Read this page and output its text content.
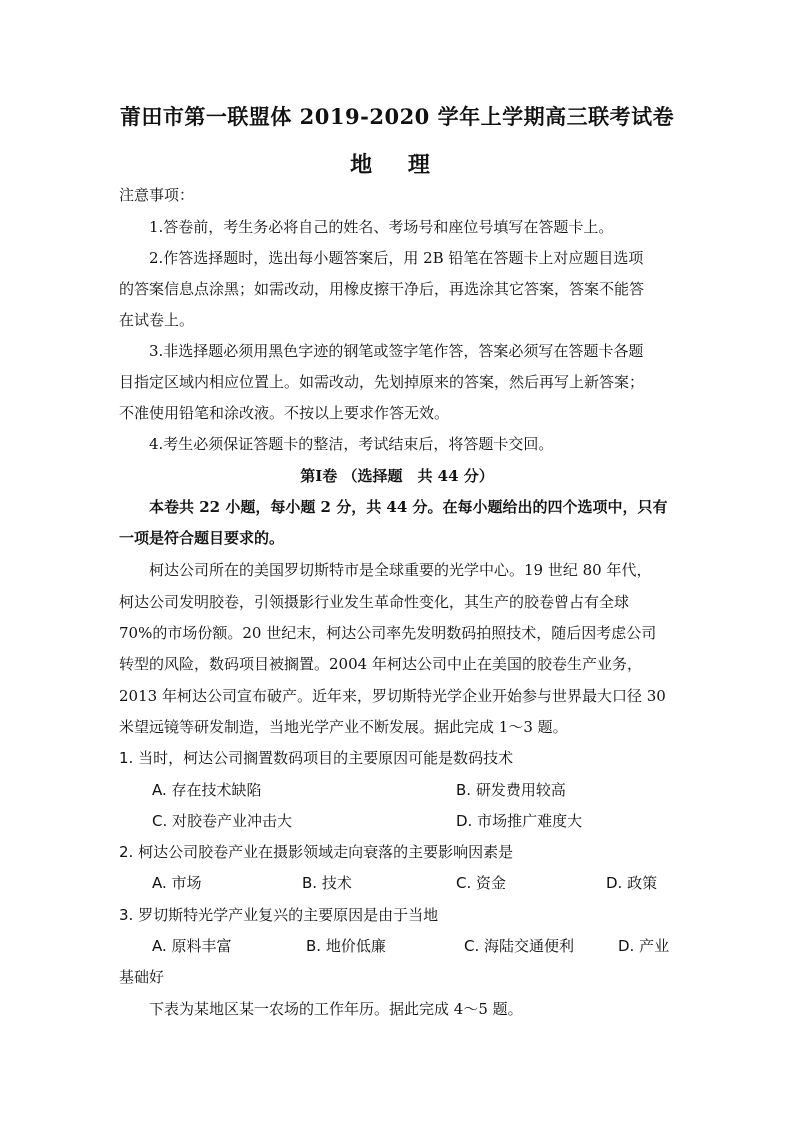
莆田市第一联盟体 2019-2020 学年上学期高三联考试卷
地 理
注意事项：
1.答卷前，考生务必将自己的姓名、考场号和座位号填写在答题卡上。
2.作答选择题时，选出每小题答案后，用 2B 铅笔在答题卡上对应题目选项
的答案信息点涂黑；如需改动，用橡皮擦干净后，再选涂其它答案，答案不能答
在试卷上。
3.非选择题必须用黑色字迹的钢笔或签字笔作答，答案必须写在答题卡各题
目指定区域内相应位置上。如需改动，先划掉原来的答案，然后再写上新答案；
不准使用铅笔和涂改液。不按以上要求作答无效。
4.考生必须保证答题卡的整洁，考试结束后，将答题卡交回。
第Ⅰ卷 （选择题　共 44 分）
本卷共 22 小题，每小题 2 分，共 44 分。在每小题给出的四个选项中，只有
一项是符合题目要求的。
柯达公司所在的美国罗切斯特市是全球重要的光学中心。19 世纪 80 年代，
柯达公司发明胶卷，引领摄影行业发生革命性变化，其生产的胶卷曾占有全球
70%的市场份额。20 世纪末，柯达公司率先发明数码拍照技术，随后因考虑公司
转型的风险，数码项目被搁置。2004 年柯达公司中止在美国的胶卷生产业务，
2013 年柯达公司宣布破产。近年来，罗切斯特光学企业开始参与世界最大口径 30
米望远镜等研发制造，当地光学产业不断发展。据此完成 1～3 题。
1. 当时，柯达公司搁置数码项目的主要原因可能是数码技术
A. 存在技术缺陷	B. 研发费用较高
C. 对胶卷产业冲击大	D. 市场推广难度大
2. 柯达公司胶卷产业在摄影领域走向衰落的主要影响因素是
A. 市场	B. 技术	C. 资金	D. 政策
3. 罗切斯特光学产业复兴的主要原因是由于当地
A. 原料丰富	B. 地价低廉	C. 海陆交通便利	D. 产业
基础好
下表为某地区某一农场的工作年历。据此完成 4～5 题。
